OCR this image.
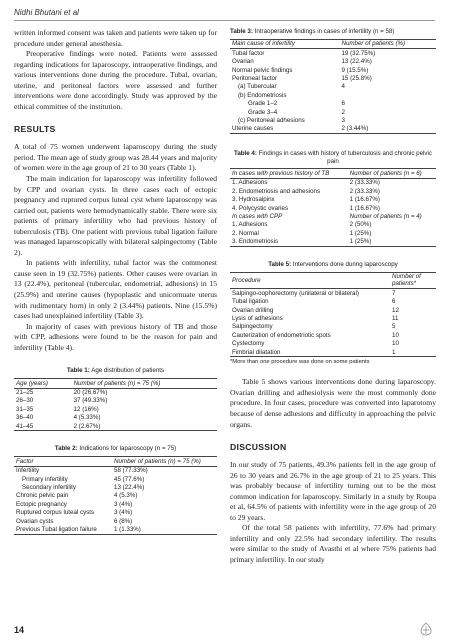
Nidhi Bhutani et al

written informed consent was taken and patients were taken up for procedure under general anesthesia.

Preoperative findings were noted. Patients were assessed regarding indications for laparoscopy, intraoperative findings, and various interventions done during the procedure. Tubal, ovarian, uterine, and peritoneal factors were assessed and further interventions were done accordingly. Study was approved by the ethical committee of the institution.

RESULTS

A total of 75 women underwent laparoscopy during the study period. The mean age of study group was 28.44 years and majority of women were in the age group of 21 to 30 years (Table 1).

The main indication for laparoscopy was infertility followed by CPP and ovarian cysts. In three cases each of ectopic pregnancy and ruptured corpus luteal cyst where laparoscopy was carried out, patients were hemodynamically stable. There were six patients of primary infertility who had previous history of tuberculosis (TB). One patient with previous tubal ligation failure was managed laparoscopically with bilateral salpingectomy (Table 2).

In patients with infertility, tubal factor was the commonest cause seen in 19 (32.75%) patients. Other causes were ovarian in 13 (22.4%), peritoneal (tubercular, endometrial, adhesions) in 15 (25.9%) and uterine causes (hypoplastic and unicornuate uterus with rudimentary horn) in only 2 (3.44%) patients. Nine (15.5%) cases had unexplained infertility (Table 3).

In majority of cases with previous history of TB and those with CPP, adhesions were found to be the reason for pain and infertility (Table 4).

Table 1: Age distribution of patients
Age (years)	Number of patients (n) = 75 (%)
21–25	20 (26.67%)
26–30	37 (49.33%)
31–35	12 (16%)
36–40	4 (5.33%)
41–45	2 (2.67%)
Table 2: Indications for laparoscopy (n = 75)
Factor	Number of patients (n) = 75 (%)
Infertility	58 (77.33%)
Primary infertility	45 (77.6%)
Secondary infertility	13 (22.4%)
Chronic pelvic pain	4 (5.3%)
Ectopic pregnancy	3 (4%)
Ruptured corpus luteal cysts	3 (4%)
Ovarian cysts	6 (8%)
Previous Tubal ligation failure	1 (1.33%)
Table 3: Intraoperative findings in cases of infertility (n = 58)
Main cause of infertility	Number of patients (%)
Tubal factor	19 (32.75%)
Ovarian	13 (22.4%)
Normal pelvic findings	9 (15.5%)
Peritoneal factor	15 (25.8%)
(a) Tubercular	4
(b) Endometriosis	
Grade 1–2	6
Grade 3–4	2
(c) Peritoneal adhesions	3
Uterine causes	2 (3.44%)
Table 4: Findings in cases with history of tuberculosis and chronic pelvic pain
In cases with previous history of TB	Number of patients (n = 6)
1. Adhesions	2 (33.33%)
2. Endometriosis and adhesions	2 (33.33%)
3. Hydrosalpinx	1 (16.67%)
4. Polycystic ovaries	1 (16.67%)
In cases with CPP	Number of patients (n = 4)
1. Adhesions	2 (50%)
2. Normal	1 (25%)
3. Endometriosis	1 (25%)
Table 5: Interventions done during laparoscopy
Procedure	Number of patients*
Salpingo-oophorectomy (unilateral or bilateral)	7
Tubal ligation	6
Ovarian drilling	12
Lysis of adhesions	11
Salpingectomy	5
Cauterization of endometriotic spots	10
Cystectomy	10
Fimbrial dilatation	1
*More than one procedure was done on some patients

Table 5 shows various interventions done during laparoscopy. Ovarian drilling and adhesiolysis were the most commonly done procedure. In four cases, procedure was converted into laparotomy because of dense adhesions and difficulty in approaching the pelvic organs.

DISCUSSION

In our study of 75 patients, 49.3% patients fell in the age group of 26 to 30 years and 26.7% in the age group of 21 to 25 years. This was probably because of infertility turning out to be the most common indication for laparoscopy. Similarly in a study by Roupa et al, 64.5% of patients with infertility were in the age group of 20 to 29 years.

Of the total 58 patients with infertility, 77.6% had primary infertility and only 22.5% had secondary infertility. The results were similar to the study of Avasthi et al where 75% patients had primary infertility. In our study

14
